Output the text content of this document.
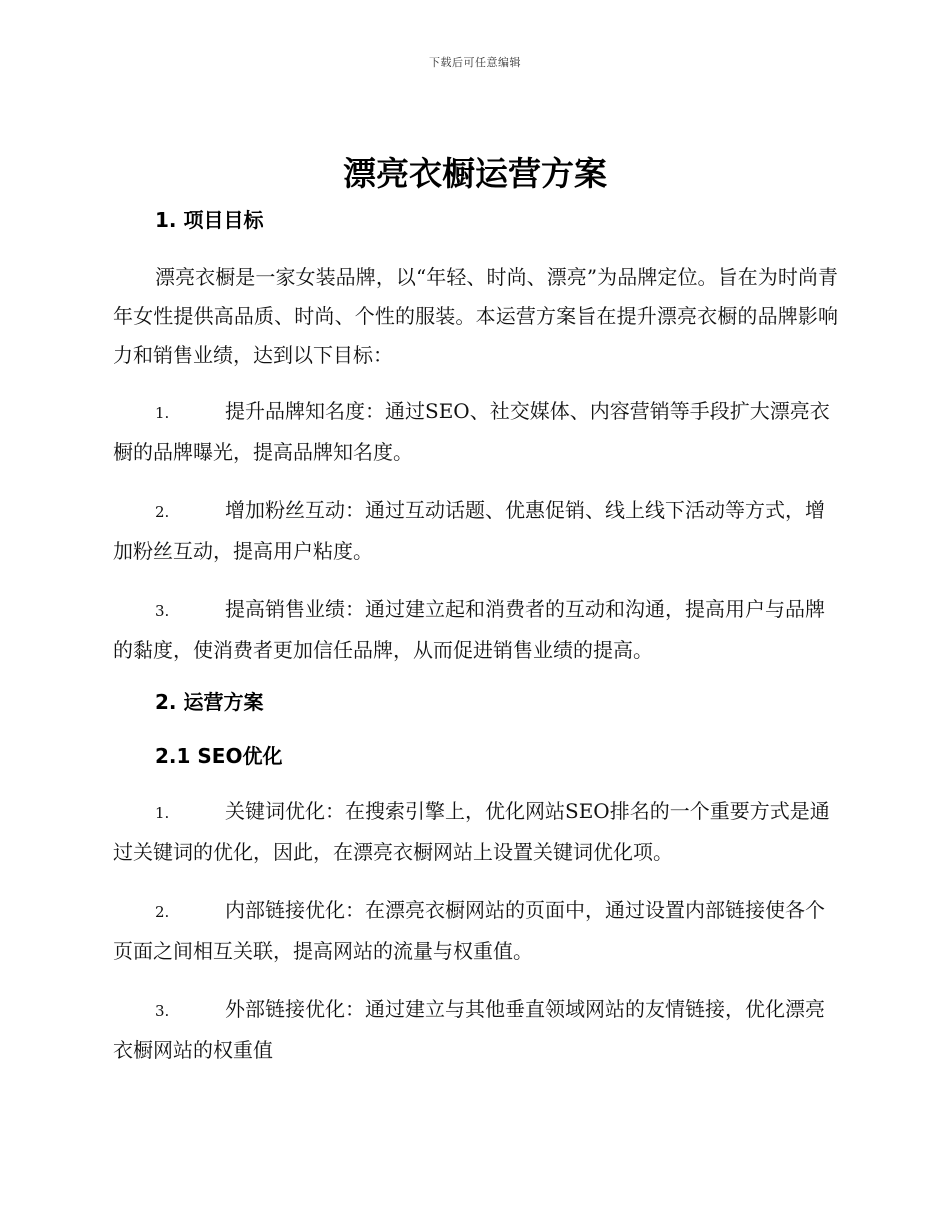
下载后可任意编辑
漂亮衣橱运营方案
1. 项目目标

漂亮衣橱是一家女装品牌，以“年轻、时尚、漂亮”为品牌定位。旨在为时尚青年女性提供高品质、时尚、个性的服装。本运营方案旨在提升漂亮衣橱的品牌影响力和销售业绩，达到以下目标：

1.	提升品牌知名度：通过SEO、社交媒体、内容营销等手段扩大漂亮衣橱的品牌曝光，提高品牌知名度。
2.	增加粉丝互动：通过互动话题、优惠促销、线上线下活动等方式，增加粉丝互动，提高用户粘度。
3.	提高销售业绩：通过建立起和消费者的互动和沟通，提高用户与品牌的黏度，使消费者更加信任品牌，从而促进销售业绩的提高。
2. 运营方案
2.1 SEO优化
1.	关键词优化：在搜索引擎上，优化网站SEO排名的一个重要方式是通过关键词的优化，因此，在漂亮衣橱网站上设置关键词优化项。
2.	内部链接优化：在漂亮衣橱网站的页面中，通过设置内部链接使各个页面之间相互关联，提高网站的流量与权重值。
3.	外部链接优化：通过建立与其他垂直领域网站的友情链接，优化漂亮衣橱网站的权重值
